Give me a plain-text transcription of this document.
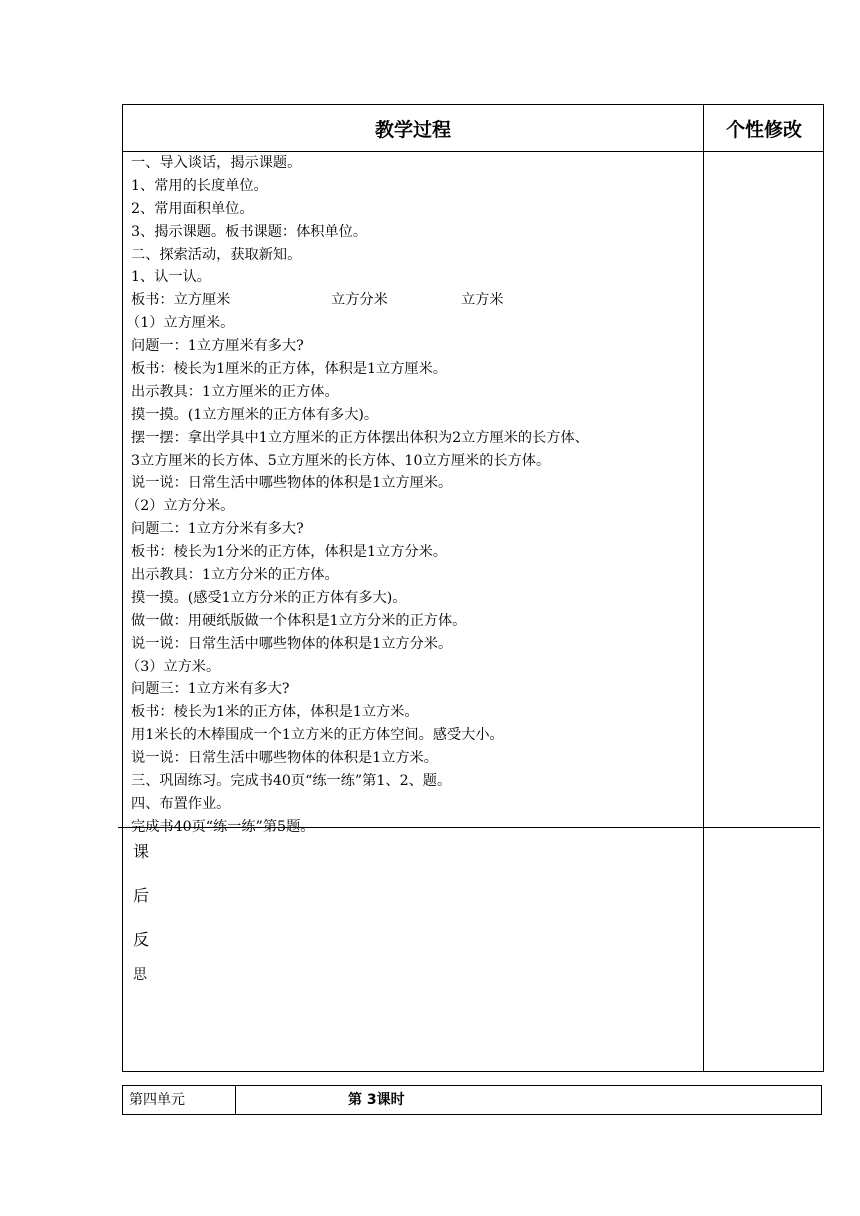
教学过程	个性修改
一、导入谈话，揭示课题。
1、常用的长度单位。
2、常用面积单位。
3、揭示课题。板书课题：体积单位。
二、探索活动，获取新知。
1、认一认。
板书：立方厘米	立方分米	立方米
（1）立方厘米。
问题一：1立方厘米有多大?
板书：棱长为1厘米的正方体，体积是1立方厘米。
出示教具：1立方厘米的正方体。
摸一摸。(1立方厘米的正方体有多大)。
摆一摆：拿出学具中1立方厘米的正方体摆出体积为2立方厘米的长方体、
3立方厘米的长方体、5立方厘米的长方体、10立方厘米的长方体。
说一说：日常生活中哪些物体的体积是1立方厘米。
（2）立方分米。
问题二：1立方分米有多大?
板书：棱长为1分米的正方体，体积是1立方分米。
出示教具：1立方分米的正方体。
摸一摸。(感受1立方分米的正方体有多大)。
做一做：用硬纸版做一个体积是1立方分米的正方体。
说一说：日常生活中哪些物体的体积是1立方分米。
（3）立方米。
问题三：1立方米有多大?
板书：棱长为1米的正方体，体积是1立方米。
用1米长的木棒围成一个1立方米的正方体空间。感受大小。
说一说：日常生活中哪些物体的体积是1立方米。
三、巩固练习。完成书40页“练一练”第1、2、题。
四、布置作业。
完成书40页“练一练”第5题。
课
后
反
思
第四单元	第 3课时
